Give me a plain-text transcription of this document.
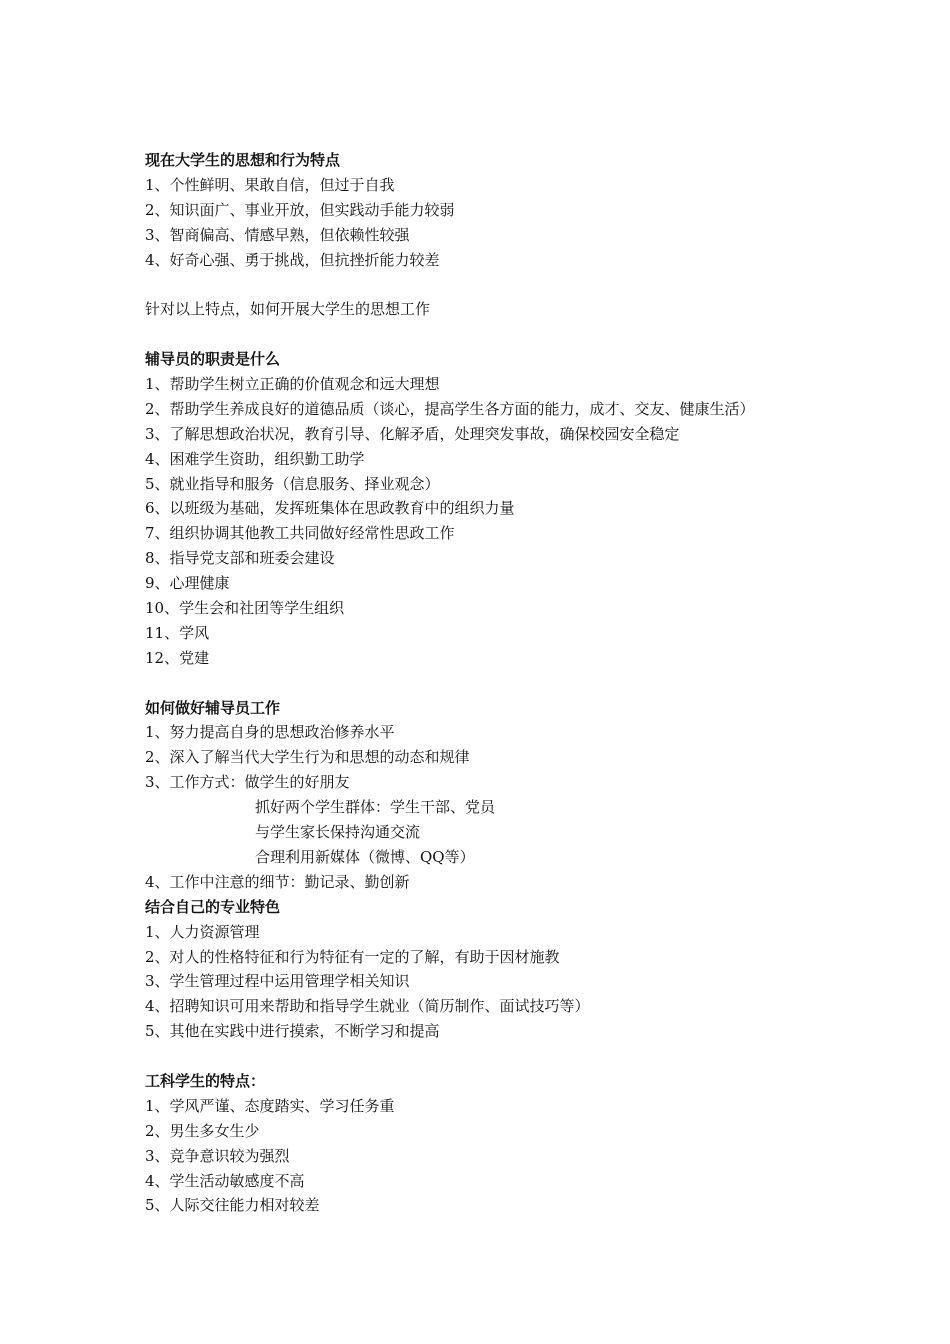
现在大学生的思想和行为特点
1、个性鲜明、果敢自信，但过于自我
2、知识面广、事业开放，但实践动手能力较弱
3、智商偏高、情感早熟，但依赖性较强
4、好奇心强、勇于挑战，但抗挫折能力较差
针对以上特点，如何开展大学生的思想工作
辅导员的职责是什么
1、帮助学生树立正确的价值观念和远大理想
2、帮助学生养成良好的道德品质（谈心，提高学生各方面的能力，成才、交友、健康生活）
3、了解思想政治状况，教育引导、化解矛盾，处理突发事故，确保校园安全稳定
4、困难学生资助，组织勤工助学
5、就业指导和服务（信息服务、择业观念）
6、以班级为基础，发挥班集体在思政教育中的组织力量
7、组织协调其他教工共同做好经常性思政工作
8、指导党支部和班委会建设
9、心理健康
10、学生会和社团等学生组织
11、学风
12、党建
如何做好辅导员工作
1、努力提高自身的思想政治修养水平
2、深入了解当代大学生行为和思想的动态和规律
3、工作方式：做学生的好朋友
抓好两个学生群体：学生干部、党员
与学生家长保持沟通交流
合理利用新媒体（微博、QQ等）
4、工作中注意的细节：勤记录、勤创新
结合自己的专业特色
1、人力资源管理
2、对人的性格特征和行为特征有一定的了解，有助于因材施教
3、学生管理过程中运用管理学相关知识
4、招聘知识可用来帮助和指导学生就业（简历制作、面试技巧等）
5、其他在实践中进行摸索，不断学习和提高
工科学生的特点：
1、学风严谨、态度踏实、学习任务重
2、男生多女生少
3、竞争意识较为强烈
4、学生活动敏感度不高
5、人际交往能力相对较差
